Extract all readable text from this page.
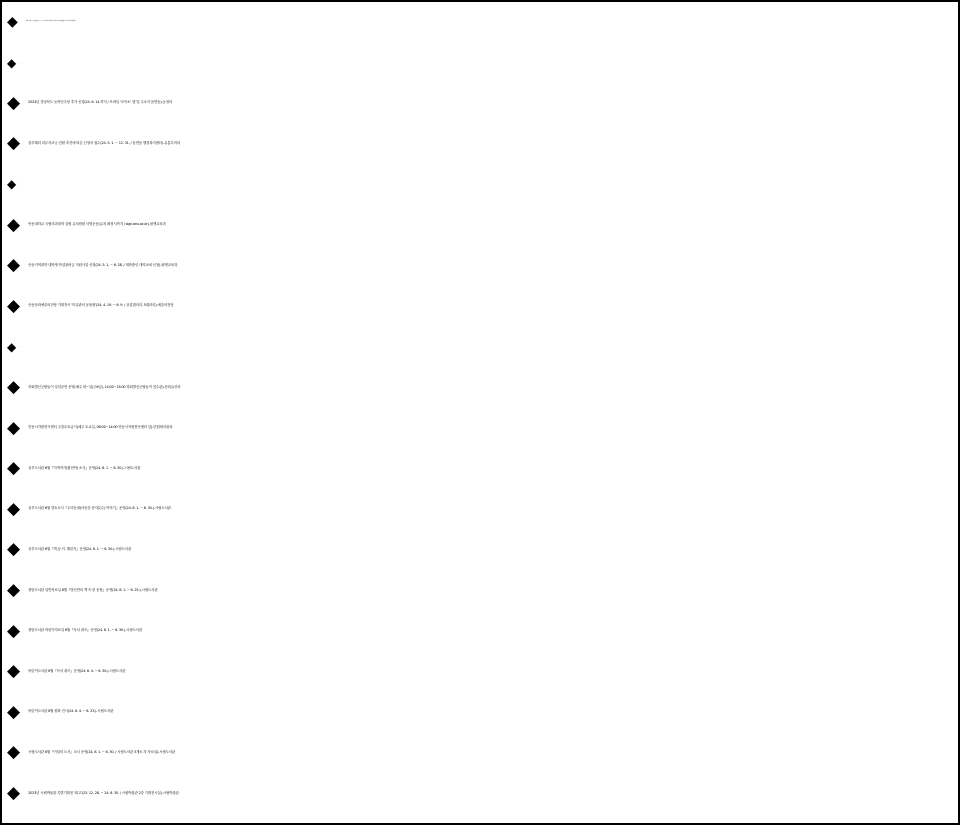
◆	폐렴구균백신 무료 예방접종(24. 6. 3. ~ 6. 8. / 65세 이상 미접종자 / 보건(지)소 및 지정 위탁의료기관 40개소)-감염병대응과
◆
◆ 2024년 경상북도 농어민수당 추가 신청(24. 6. 14.까지 / 모바일 ‘모이소’ 앱 및 주소지 읍면동)-농정과
◆ 블루베리 의무자조금 전환 추진에 따른 신청서 접수(24. 5. 1. ~ 12. 31. / 읍면동 행정복지센터)-유통특작과
◆
◆ 안동대학교 국립의과대학 설립 유치염원 서명운동(유치 확정시까지 / sign.anu.ac.kr)-평생교육과
◆ 안동지역대학 대학생 학업장려금 지원사업 신청(24. 5. 1. ~ 6. 28. / 재학중인 대학교에 신청)-평생교육과
◆ 안동문화예술의전당 기획전시 '미술관의 동물원'(24. 4. 19. ~ 6. 9. / 상설갤러리, 5갤러리)-예술의전당
◆
◆ 하회별신굿탈놀이 상설공연 운영(매주 화~일(주6일), 14:00~15:00 하회별신굿탈놀이 전수관)-문화유산과
◆ 안동시자원봉사센터 주말무료급식(매주 토요일, 08:00~14:00 안동시자원봉사센터 앞)-민원새마을과
◆ 웅부도서관 6월『지역작가(황현탁) 소식』운영(24. 6. 1. ~ 6. 30.)-시립도서관
◆ 웅부도서관 6월 향토소식『우리동네(낙동강 음악분수) 이야기』운영(24. 6. 1. ~ 6. 30.)-시립도서관
◆ 웅부도서관 6월『책.동.이. 챌린지』운영(24. 6. 1. ~ 6. 30.)-시립도서관
◆ 중앙도서관 일반자료실 6월『당신만의 책 속 한 문장』운영(24. 6. 1. ~ 6. 25.)-시립도서관
◆ 중앙도서관 어린이자료실 6월『독서 퀴즈』운영(24. 6. 1. ~ 6. 30.)-시립도서관
◆ 어린이도서관 6월『독서 퀴즈』운영(24. 6. 4. ~ 6. 30.)-시립도서관
◆ 어린이도서관 6월 원화 전시(24. 6. 4. ~ 6. 23.)-시립도서관
◆ 시립도서관 6월『이달의 도서』코너 운영(24. 6. 1. ~ 6. 30. / 시립도서관 3개소 각 자료실)-시립도서관
◆ 2023년 시립박물관 특별기획전 '회고'(23. 12. 28. ~ 24. 6. 30. / 시립박물관 2층 기획전시실)-시립박물관
